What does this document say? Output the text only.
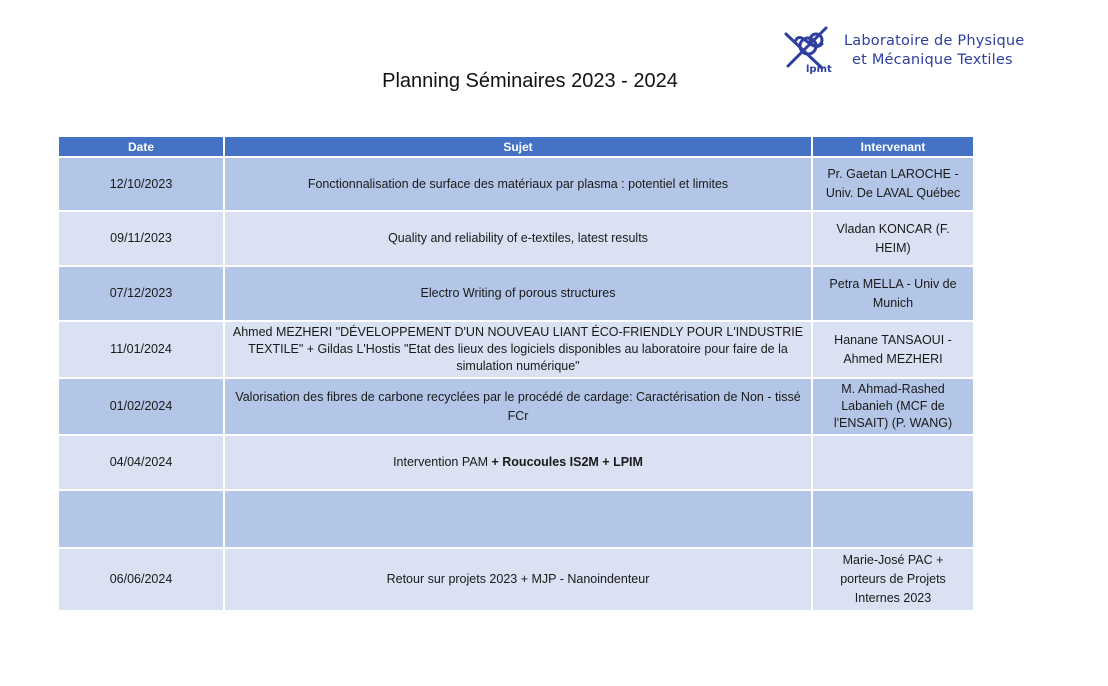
Planning Séminaires 2023 - 2024
lpmt
Laboratoire de Physique
et Mécanique Textiles
Date	Sujet	Intervenant
12/10/2023	Fonctionnalisation de surface des matériaux par plasma : potentiel et limites	Pr. Gaetan LAROCHE - Univ. De LAVAL Québec
09/11/2023	Quality and reliability of e-textiles, latest results	Vladan KONCAR (F. HEIM)
07/12/2023	Electro Writing of porous structures	Petra MELLA - Univ de Munich
11/01/2024	Ahmed MEZHERI "DÉVELOPPEMENT D'UN NOUVEAU LIANT ÉCO-FRIENDLY POUR L'INDUSTRIE TEXTILE" + Gildas L'Hostis "Etat des lieux des logiciels disponibles au laboratoire pour faire de la simulation numérique"	Hanane TANSAOUI - Ahmed MEZHERI
01/02/2024	Valorisation des fibres de carbone recyclées par le procédé de cardage: Caractérisation de Non - tissé FCr	M. Ahmad-Rashed Labanieh (MCF de l'ENSAIT) (P. WANG)
04/04/2024	Intervention PAM + Roucoules IS2M + LPIM	

06/06/2024	Retour sur projets 2023 + MJP - Nanoindenteur	Marie-José PAC + porteurs de Projets Internes 2023
